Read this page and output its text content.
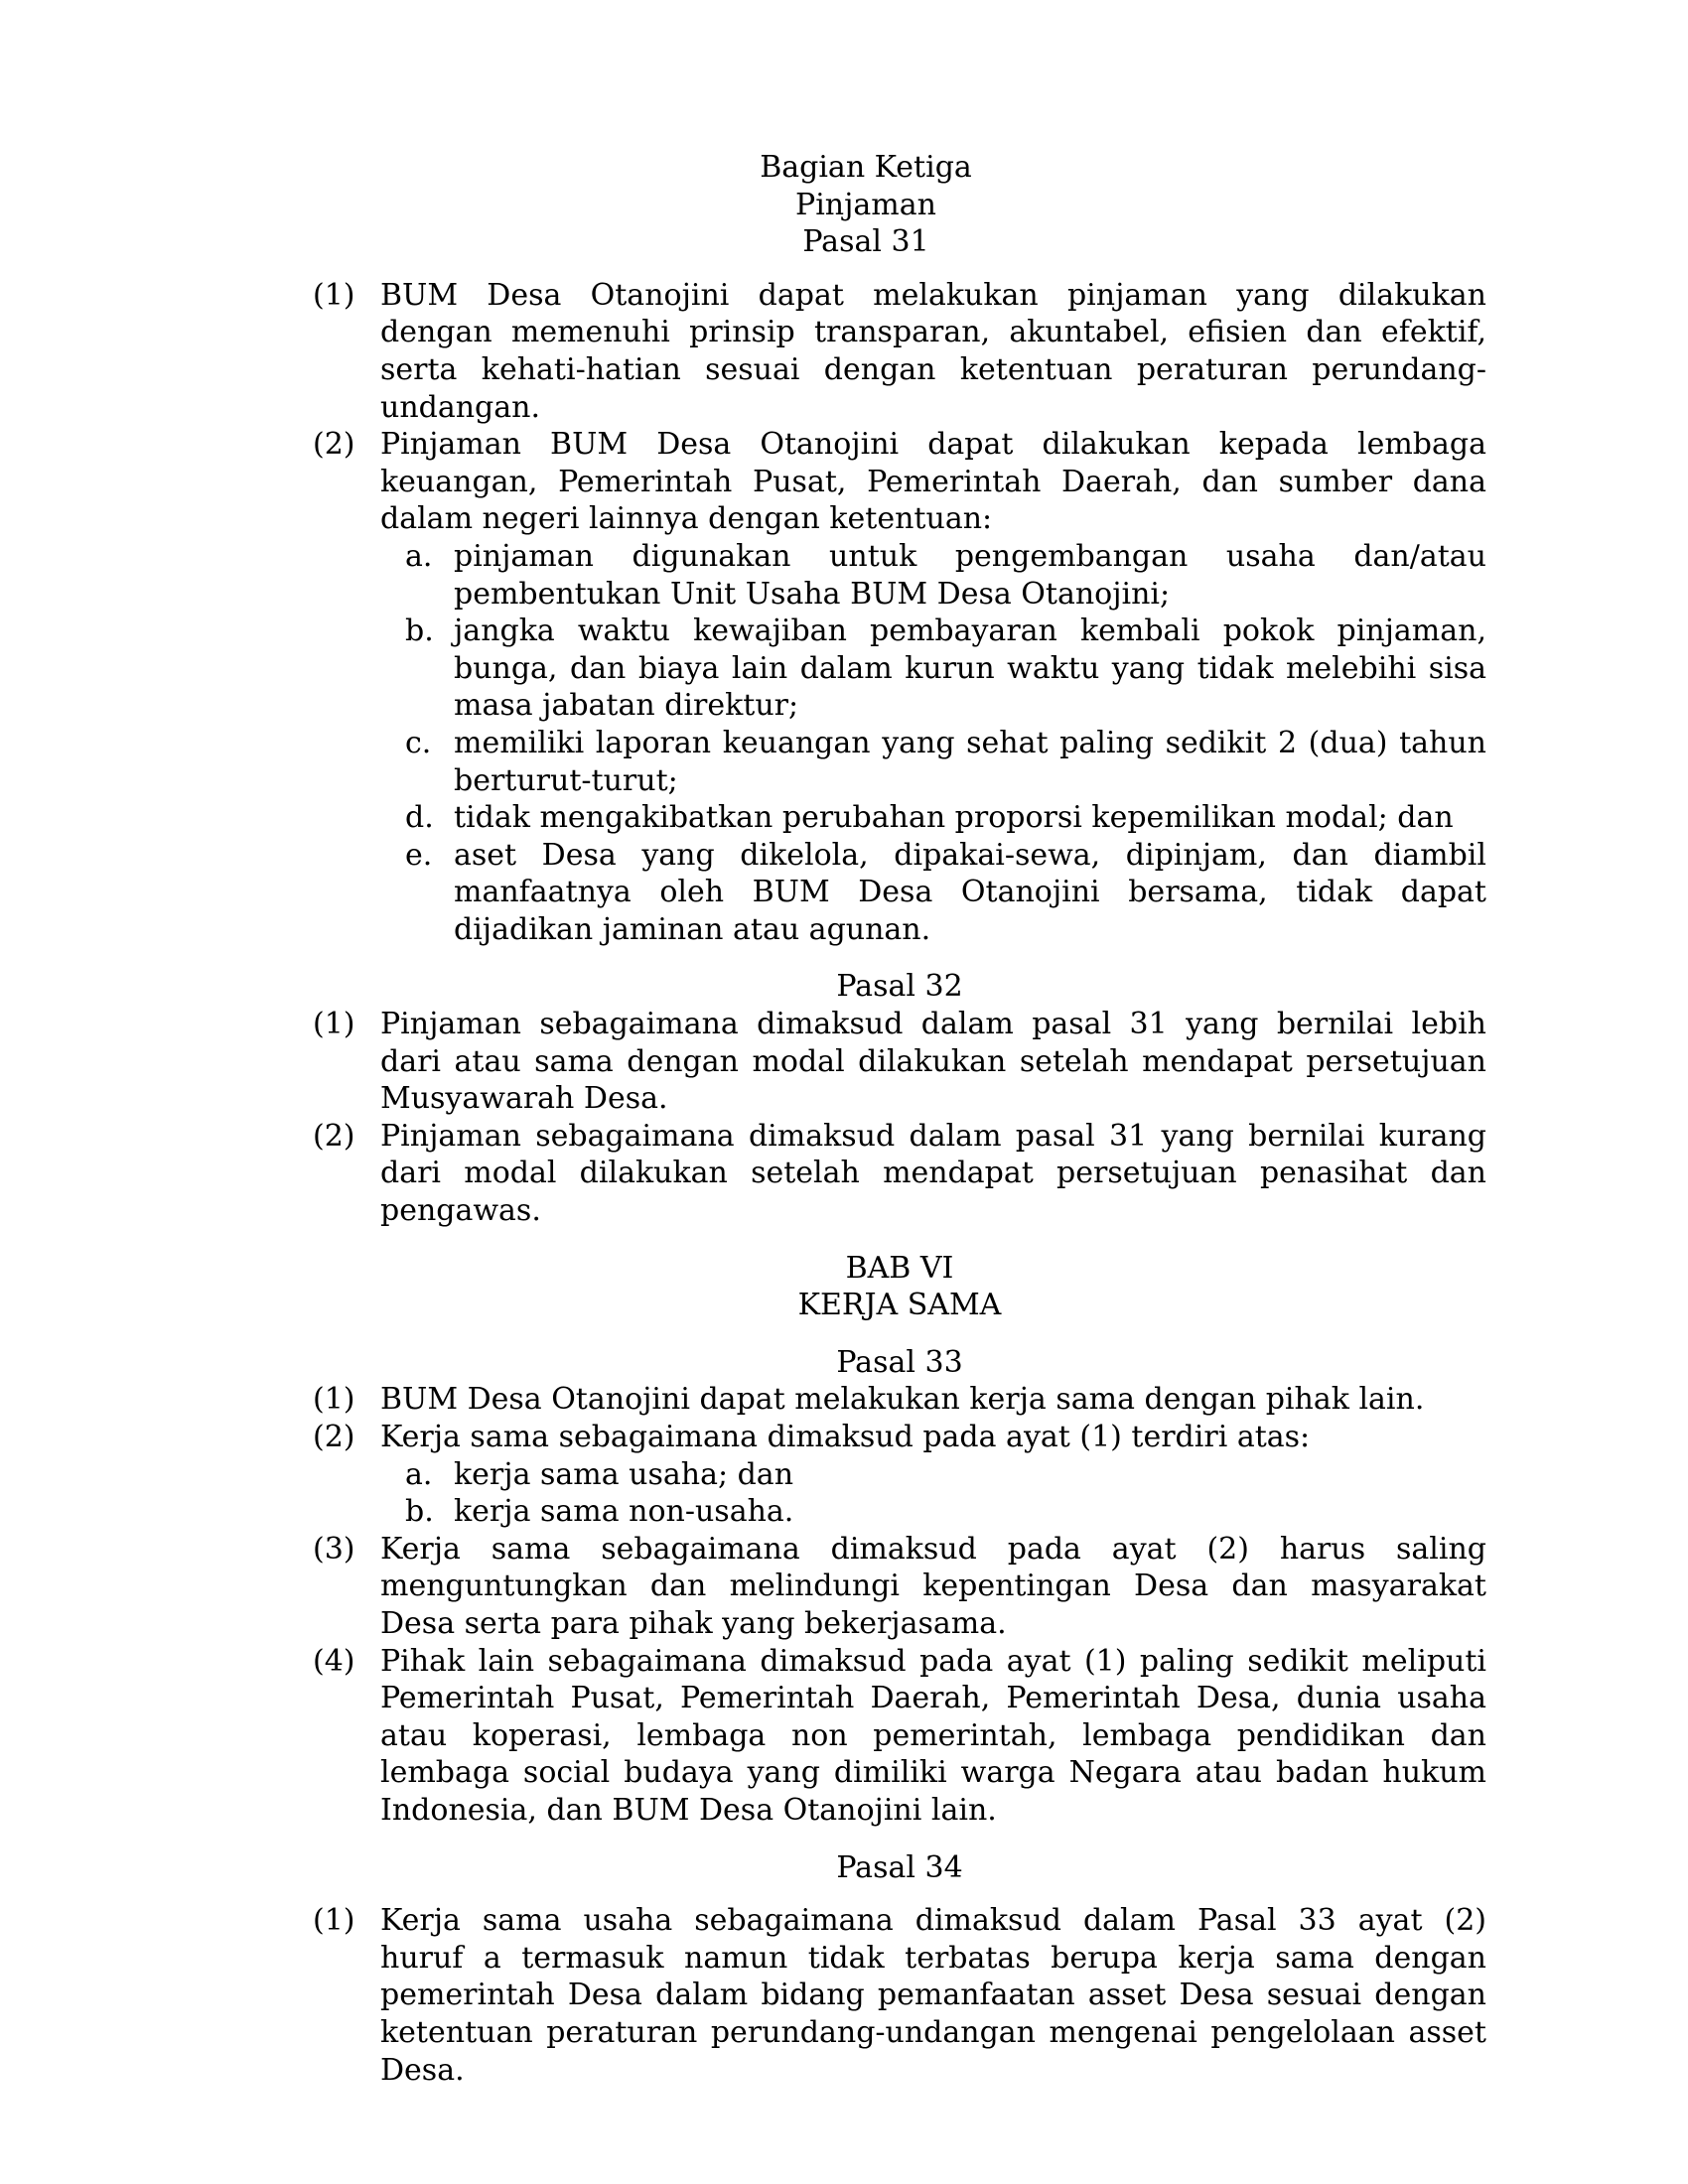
Bagian Ketiga
Pinjaman
Pasal 31
(1) BUM Desa Otanojini dapat melakukan pinjaman yang dilakukan
dengan memenuhi prinsip transparan, akuntabel, efisien dan efektif,
serta kehati-hatian sesuai dengan ketentuan peraturan perundang-
undangan.
(2) Pinjaman BUM Desa Otanojini dapat dilakukan kepada lembaga
keuangan, Pemerintah Pusat, Pemerintah Daerah, dan sumber dana
dalam negeri lainnya dengan ketentuan:
a. pinjaman digunakan untuk pengembangan usaha dan/atau
pembentukan Unit Usaha BUM Desa Otanojini;
b. jangka waktu kewajiban pembayaran kembali pokok pinjaman,
bunga, dan biaya lain dalam kurun waktu yang tidak melebihi sisa
masa jabatan direktur;
c. memiliki laporan keuangan yang sehat paling sedikit 2 (dua) tahun
berturut-turut;
d. tidak mengakibatkan perubahan proporsi kepemilikan modal; dan
e. aset Desa yang dikelola, dipakai-sewa, dipinjam, dan diambil
manfaatnya oleh BUM Desa Otanojini bersama, tidak dapat
dijadikan jaminan atau agunan.
Pasal 32
(1) Pinjaman sebagaimana dimaksud dalam pasal 31 yang bernilai lebih
dari atau sama dengan modal dilakukan setelah mendapat persetujuan
Musyawarah Desa.
(2) Pinjaman sebagaimana dimaksud dalam pasal 31 yang bernilai kurang
dari modal dilakukan setelah mendapat persetujuan penasihat dan
pengawas.
BAB VI
KERJA SAMA
Pasal 33
(1) BUM Desa Otanojini dapat melakukan kerja sama dengan pihak lain.
(2) Kerja sama sebagaimana dimaksud pada ayat (1) terdiri atas:
a. kerja sama usaha; dan
b. kerja sama non-usaha.
(3) Kerja sama sebagaimana dimaksud pada ayat (2) harus saling
menguntungkan dan melindungi kepentingan Desa dan masyarakat
Desa serta para pihak yang bekerjasama.
(4) Pihak lain sebagaimana dimaksud pada ayat (1) paling sedikit meliputi
Pemerintah Pusat, Pemerintah Daerah, Pemerintah Desa, dunia usaha
atau koperasi, lembaga non pemerintah, lembaga pendidikan dan
lembaga social budaya yang dimiliki warga Negara atau badan hukum
Indonesia, dan BUM Desa Otanojini lain.
Pasal 34
(1) Kerja sama usaha sebagaimana dimaksud dalam Pasal 33 ayat (2)
huruf a termasuk namun tidak terbatas berupa kerja sama dengan
pemerintah Desa dalam bidang pemanfaatan asset Desa sesuai dengan
ketentuan peraturan perundang-undangan mengenai pengelolaan asset
Desa.
